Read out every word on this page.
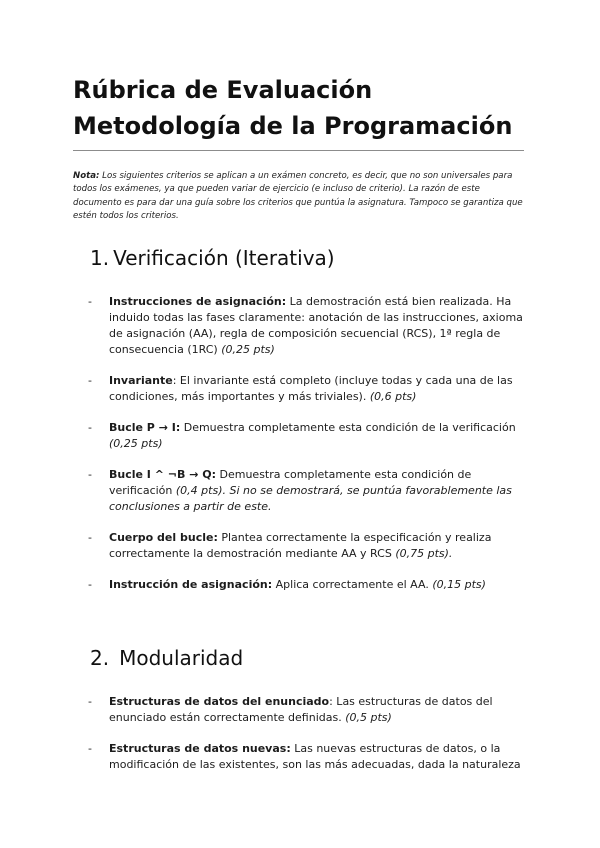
Rúbrica de Evaluación Metodología de la Programación

Nota: Los siguientes criterios se aplican a un exámen concreto, es decir, que no son universales para todos los exámenes, ya que pueden variar de ejercicio (e incluso de criterio). La razón de este documento es para dar una guía sobre los criterios que puntúa la asignatura. Tampoco se garantiza que estén todos los criterios.

1. Verificación (Iterativa)
- Instrucciones de asignación: La demostración está bien realizada. Ha induido todas las fases claramente: anotación de las instrucciones, axioma de asignación (AA), regla de composición secuencial (RCS), 1ª regla de consecuencia (1RC) (0,25 pts)
- Invariante: El invariante está completo (incluye todas y cada una de las condiciones, más importantes y más triviales). (0,6 pts)
- Bucle P → I: Demuestra completamente esta condición de la verificación (0,25 pts)
- Bucle I ^ ¬B → Q: Demuestra completamente esta condición de verificación (0,4 pts). Si no se demostrará, se puntúa favorablemente las conclusiones a partir de este.
- Cuerpo del bucle: Plantea correctamente la especificación y realiza correctamente la demostración mediante AA y RCS (0,75 pts).
- Instrucción de asignación: Aplica correctamente el AA. (0,15 pts)
2. Modularidad
- Estructuras de datos del enunciado: Las estructuras de datos del enunciado están correctamente definidas. (0,5 pts)
- Estructuras de datos nuevas: Las nuevas estructuras de datos, o la modificación de las existentes, son las más adecuadas, dada la naturaleza
